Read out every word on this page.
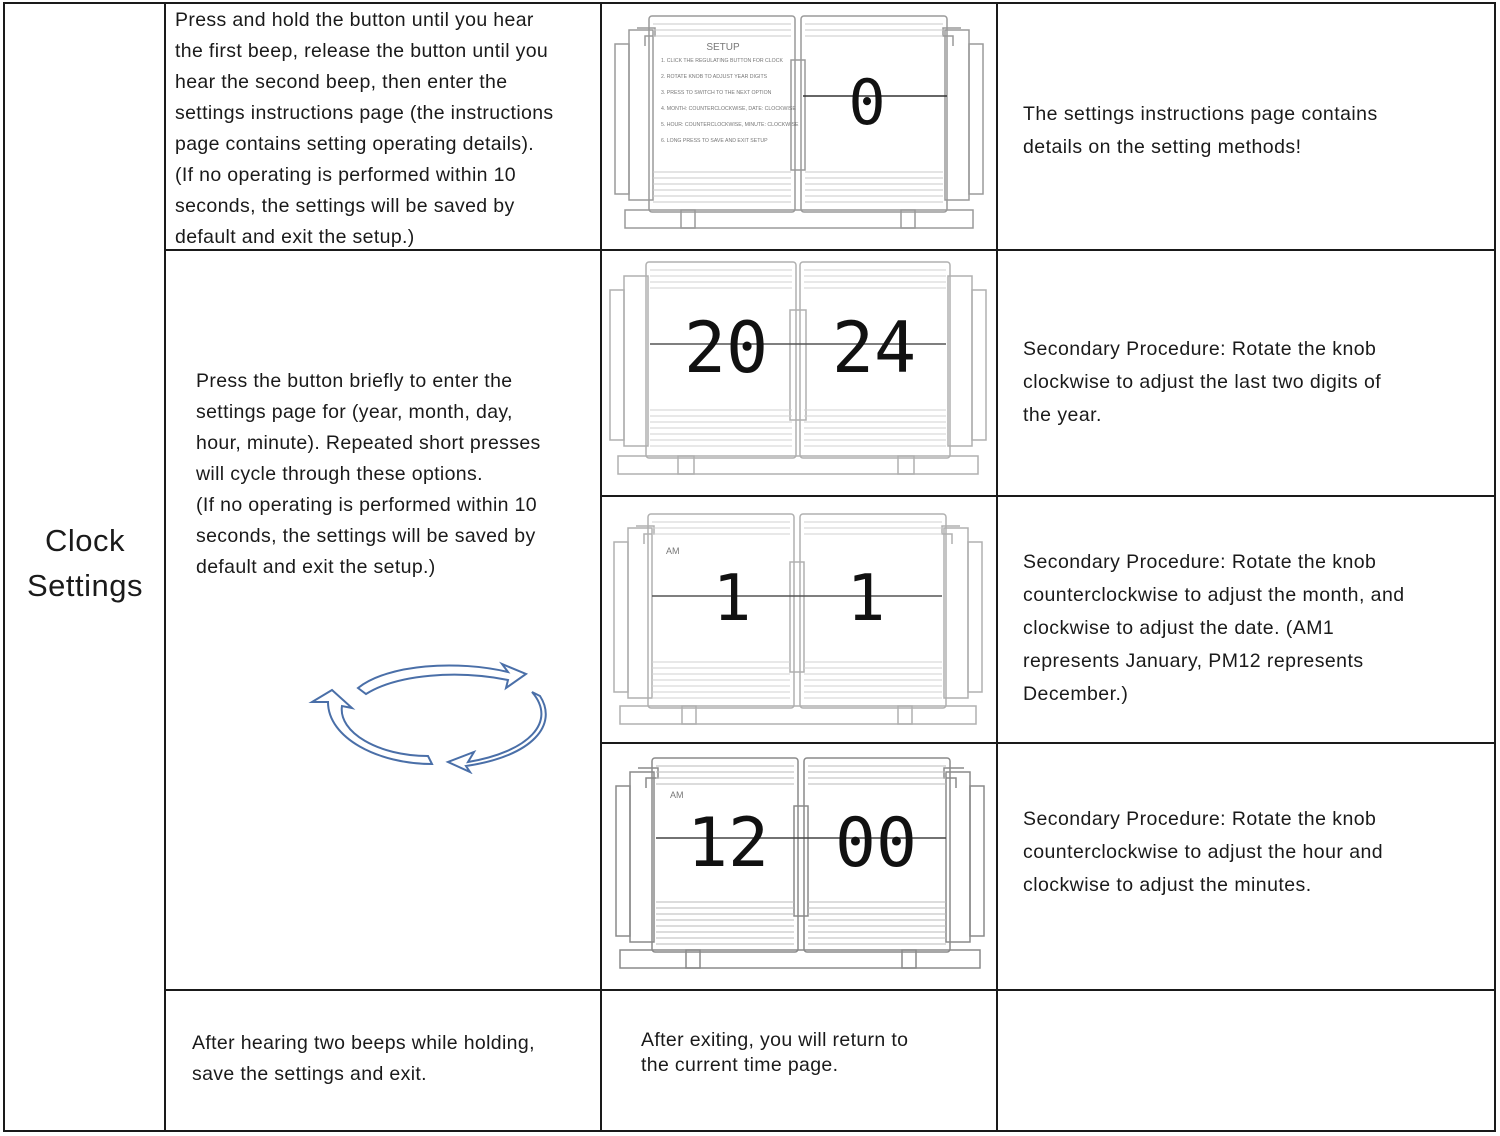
Clock
Settings

Press and hold the button until you hear
the first beep, release the button until you
hear the second beep, then enter the
settings instructions page (the instructions
page contains setting operating details).
(If no operating is performed within 10
seconds, the settings will be saved by
default and exit the setup.)

The settings instructions page contains
details on the setting methods!

SETUP
1. CLICK THE REGULATING BUTTON FOR CLOCK
2. ROTATE KNOB TO ADJUST YEAR DIGITS
3. PRESS TO SWITCH TO THE NEXT OPTION
4. MONTH: COUNTERCLOCKWISE, DATE: CLOCKWISE
5. HOUR: COUNTERCLOCKWISE, MINUTE: CLOCKWISE
6. LONG PRESS TO SAVE AND EXIT SETUP
0

Press the button briefly to enter the
settings page for (year, month, day,
hour, minute). Repeated short presses
will cycle through these options.
(If no operating is performed within 10
seconds, the settings will be saved by
default and exit the setup.)

Secondary Procedure: Rotate the knob
clockwise to adjust the last two digits of
the year.

20 24

Secondary Procedure: Rotate the knob
counterclockwise to adjust the month, and
clockwise to adjust the date. (AM1
represents January, PM12 represents
December.)

AM
1 1

Secondary Procedure: Rotate the knob
counterclockwise to adjust the hour and
clockwise to adjust the minutes.

AM
12 00

After hearing two beeps while holding,
save the settings and exit.

After exiting, you will return to
the current time page.
